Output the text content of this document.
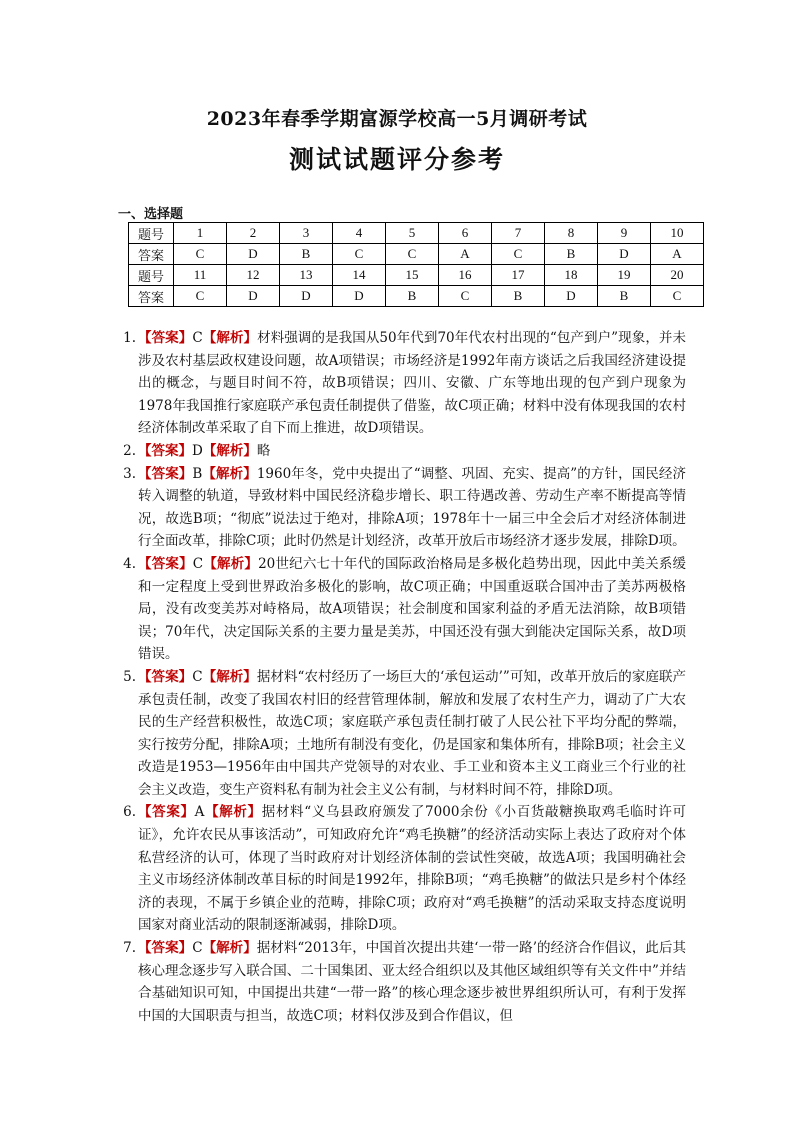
2023年春季学期富源学校高一5月调研考试
测试试题评分参考
一、选择题
题号	1	2	3	4	5	6	7	8	9	10
答案	C	D	B	C	C	A	C	B	D	A
题号	11	12	13	14	15	16	17	18	19	20
答案	C	D	D	D	B	C	B	D	B	C

1. 【答案】C【解析】材料强调的是我国从50年代到70年代农村出现的“包产到户”现象，并未涉及农村基层政权建设问题，故A项错误；市场经济是1992年南方谈话之后我国经济建设提出的概念，与题目时间不符，故B项错误；四川、安徽、广东等地出现的包产到户现象为1978年我国推行家庭联产承包责任制提供了借鉴，故C项正确；材料中没有体现我国的农村经济体制改革采取了自下而上推进，故D项错误。

2. 【答案】D【解析】略

3. 【答案】B【解析】1960年冬，党中央提出了“调整、巩固、充实、提高”的方针，国民经济转入调整的轨道，导致材料中国民经济稳步增长、职工待遇改善、劳动生产率不断提高等情况，故选B项；“彻底”说法过于绝对，排除A项；1978年十一届三中全会后才对经济体制进行全面改革，排除C项；此时仍然是计划经济，改革开放后市场经济才逐步发展，排除D项。

4. 【答案】C【解析】20世纪六七十年代的国际政治格局是多极化趋势出现，因此中美关系缓和一定程度上受到世界政治多极化的影响，故C项正确；中国重返联合国冲击了美苏两极格局，没有改变美苏对峙格局，故A项错误；社会制度和国家利益的矛盾无法消除，故B项错误；70年代，决定国际关系的主要力量是美苏，中国还没有强大到能决定国际关系，故D项错误。

5. 【答案】C【解析】据材料“农村经历了一场巨大的‘承包运动’”可知，改革开放后的家庭联产承包责任制，改变了我国农村旧的经营管理体制，解放和发展了农村生产力，调动了广大农民的生产经营积极性，故选C项；家庭联产承包责任制打破了人民公社下平均分配的弊端，实行按劳分配，排除A项；土地所有制没有变化，仍是国家和集体所有，排除B项；社会主义改造是1953—1956年由中国共产党领导的对农业、手工业和资本主义工商业三个行业的社会主义改造，变生产资料私有制为社会主义公有制，与材料时间不符，排除D项。

6. 【答案】A【解析】据材料“义乌县政府颁发了7000余份《小百货敲糖换取鸡毛临时许可证》，允许农民从事该活动”，可知政府允许“鸡毛换糖”的经济活动实际上表达了政府对个体私营经济的认可，体现了当时政府对计划经济体制的尝试性突破，故选A项；我国明确社会主义市场经济体制改革目标的时间是1992年，排除B项；“鸡毛换糖”的做法只是乡村个体经济的表现，不属于乡镇企业的范畴，排除C项；政府对“鸡毛换糖”的活动采取支持态度说明国家对商业活动的限制逐渐减弱，排除D项。

7. 【答案】C【解析】据材料“2013年，中国首次提出共建‘一带一路’的经济合作倡议，此后其核心理念逐步写入联合国、二十国集团、亚太经合组织以及其他区域组织等有关文件中”并结合基础知识可知，中国提出共建“一带一路”的核心理念逐步被世界组织所认可，有利于发挥中国的大国职责与担当，故选C项；材料仅涉及到合作倡议，但
